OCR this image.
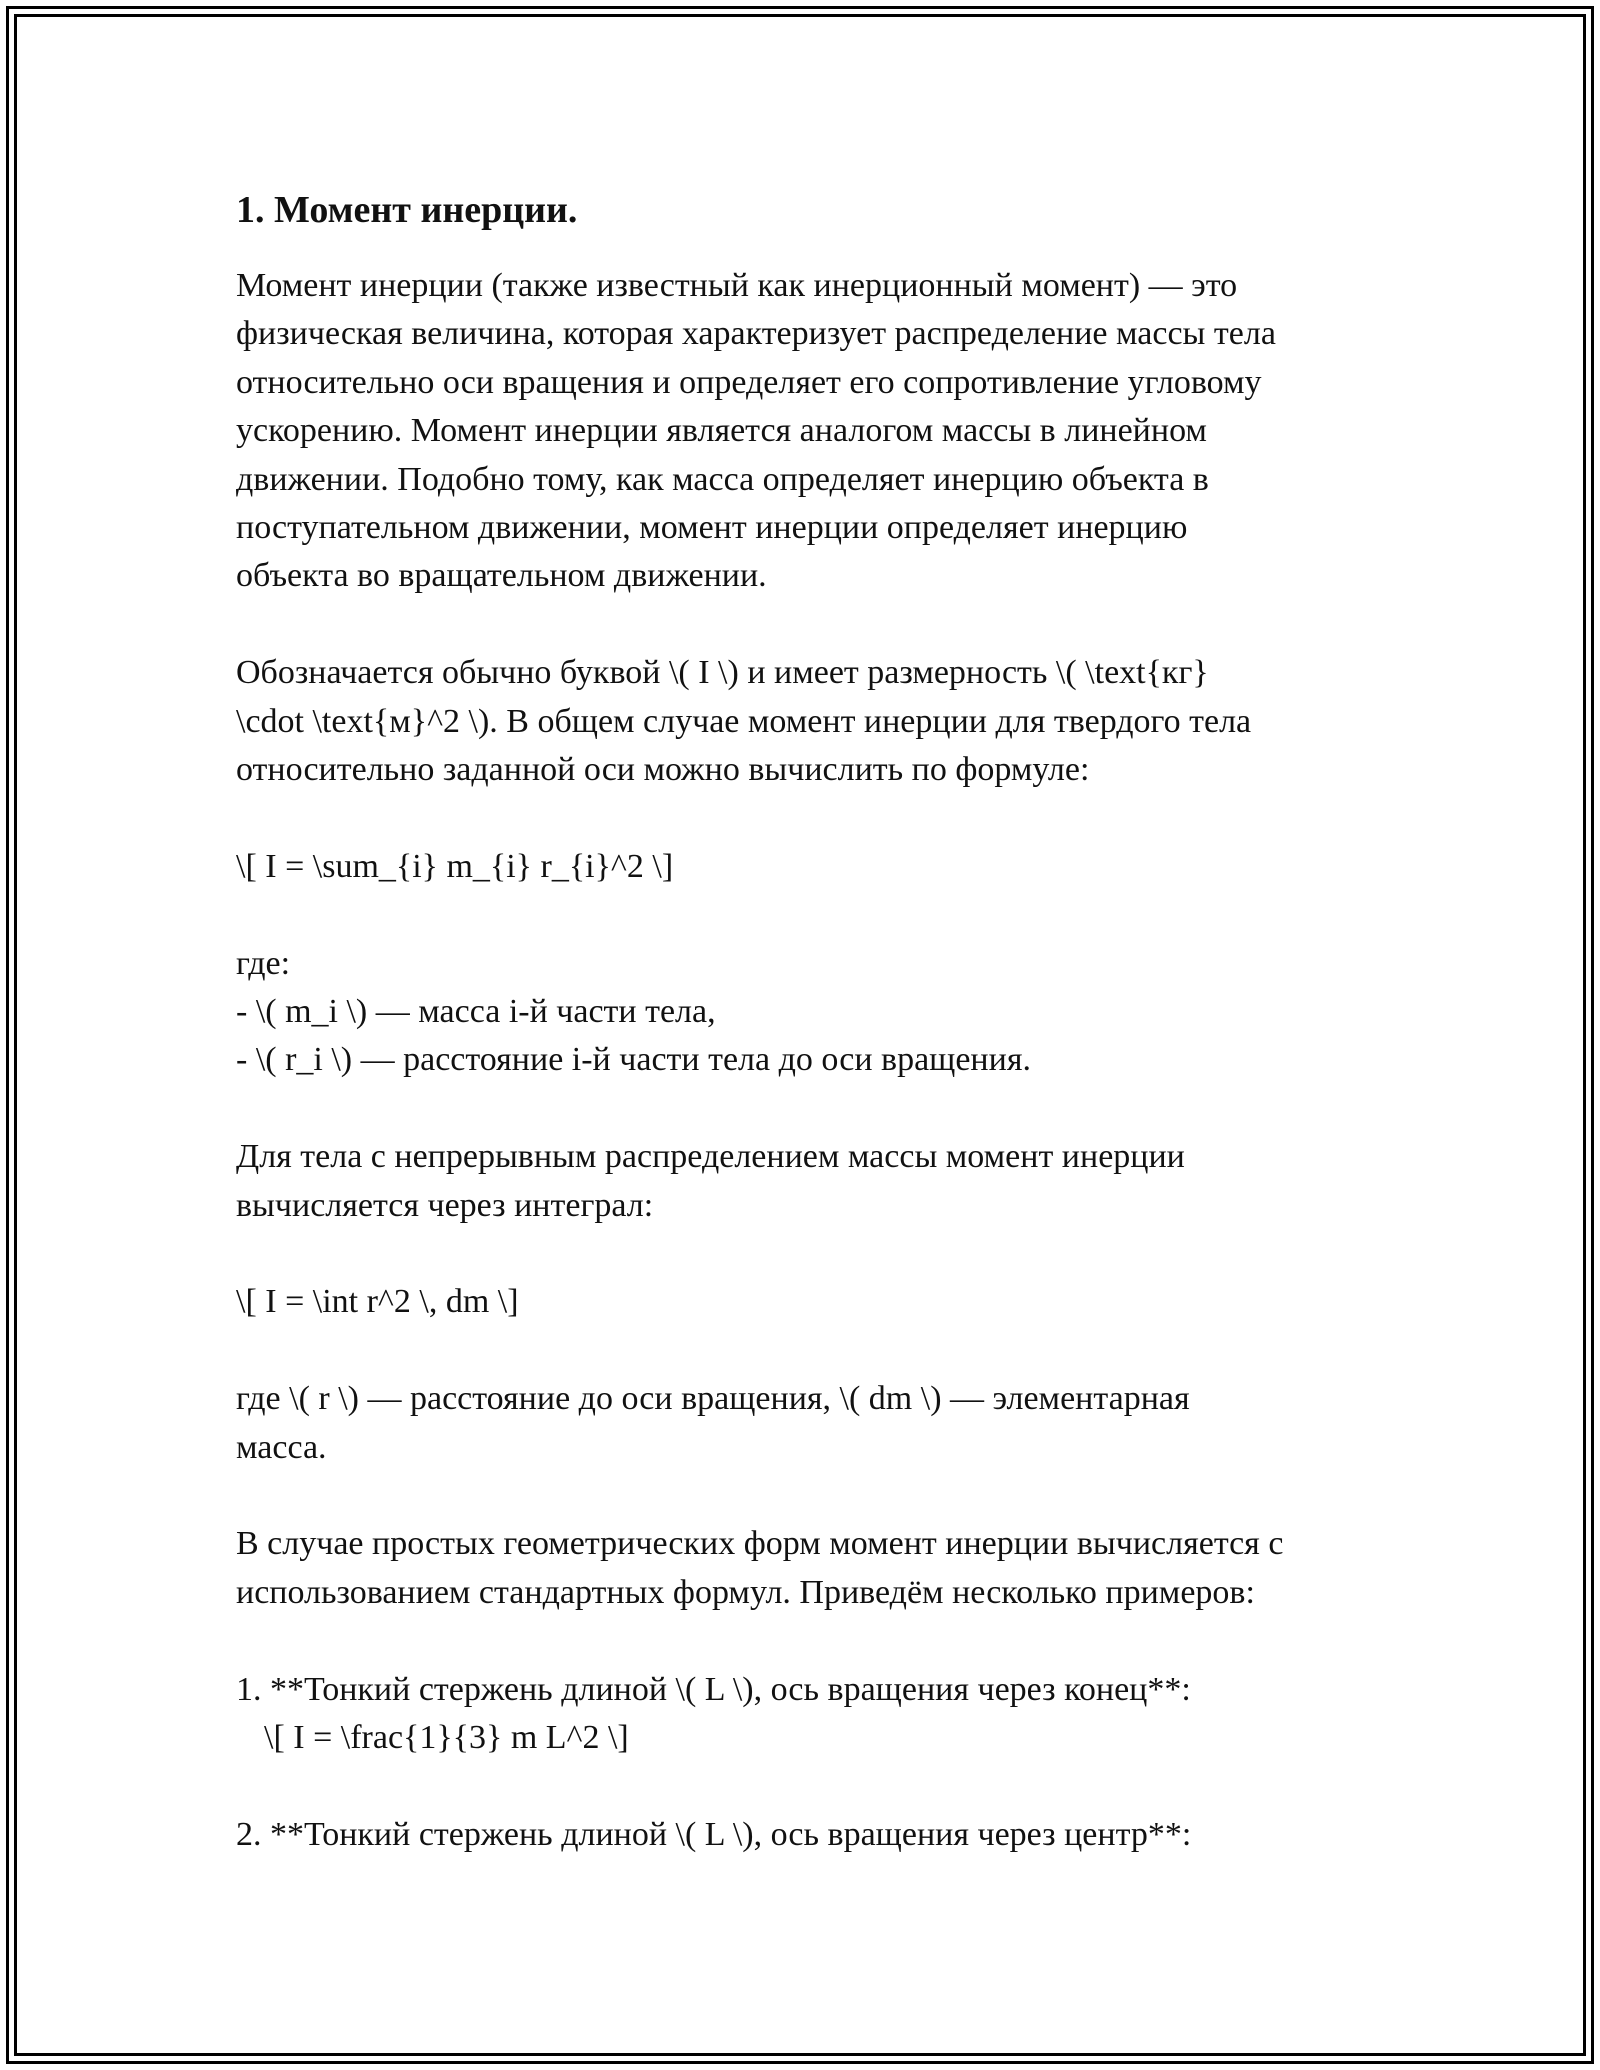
1. Момент инерции.

Момент инерции (также известный как инерционный момент) — это
физическая величина, которая характеризует распределение массы тела
относительно оси вращения и определяет его сопротивление угловому
ускорению. Момент инерции является аналогом массы в линейном
движении. Подобно тому, как масса определяет инерцию объекта в
поступательном движении, момент инерции определяет инерцию
объекта во вращательном движении.

Обозначается обычно буквой \( I \) и имеет размерность \( \text{кг}
\cdot \text{м}^2 \). В общем случае момент инерции для твердого тела
относительно заданной оси можно вычислить по формуле:

\[ I = \sum_{i} m_{i} r_{i}^2 \]

где:

- \( m_i \) — масса i-й части тела,

- \( r_i \) — расстояние i-й части тела до оси вращения.

Для тела с непрерывным распределением массы момент инерции
вычисляется через интеграл:

\[ I = \int r^2 \, dm \]

где \( r \) — расстояние до оси вращения, \( dm \) — элементарная
масса.

В случае простых геометрических форм момент инерции вычисляется с
использованием стандартных формул. Приведём несколько примеров:

1. **Тонкий стержень длиной \( L \), ось вращения через конец**:

\[ I = \frac{1}{3} m L^2 \]

2. **Тонкий стержень длиной \( L \), ось вращения через центр**:
